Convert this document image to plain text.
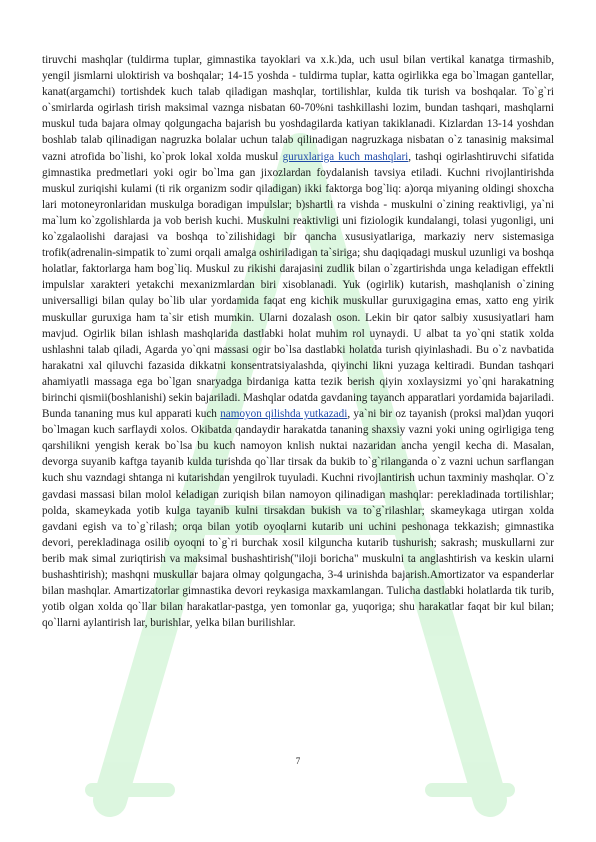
tiruvchi mashqlar (tuldirma tuplar, gimnastika tayoklari va x.k.)da, uch usul bilan vertikal kanatga tirmashib, yengil jismlarni uloktirish va boshqalar; 14-15 yoshda - tuldirma tuplar, katta ogirlikka ega bo`lmagan gantellar, kanat(argamchi) tortishdek kuch talab qiladigan mashqlar, tortilishlar, kulda tik turish va boshqalar. To`g`ri o`smirlarda ogirlash tirish maksimal vaznga nisbatan 60-70%ni tashkillashi lozim, bundan tashqari, mashqlarni muskul tuda bajara olmay qolgungacha bajarish bu yoshdagilarda katiyan takiklanadi. Kizlardan 13-14 yoshdan boshlab talab qilinadigan nagruzka bolalar uchun talab qilinadigan nagruzkaga nisbatan o`z tanasinig maksimal vazni atrofida bo`lishi, ko`prok lokal xolda muskul guruxlariga kuch mashqlari, tashqi ogirlashtiruvchi sifatida gimnastika predmetlari yoki ogir bo`lma gan jixozlardan foydalanish tavsiya etiladi. Kuchni rivojlantirishda muskul zuriqishi kulami (ti rik organizm sodir qiladigan) ikki faktorga bog`liq: a)orqa miyaning oldingi shoxcha lari motoneyronlaridan muskulga boradigan impulslar; b)shartli ra vishda - muskulni o`zining reaktivligi, ya`ni ma`lum ko`zgolishlarda ja vob berish kuchi. Muskulni reaktivligi uni fiziologik kundalangi, tolasi yugonligi, uni ko`zgalaolishi darajasi va boshqa to`zilishidagi bir qancha xususiyatlariga, markaziy nerv sistemasiga trofik(adrenalin-simpatik to`zumi orqali amalga oshiriladigan ta`siriga; shu daqiqadagi muskul uzunligi va boshqa holatlar, faktorlarga ham bog`liq. Muskul zu rikishi darajasini zudlik bilan o`zgartirishda unga keladigan effektli impulslar xarakteri yetakchi mexanizmlardan biri xisoblanadi. Yuk (ogirlik) kutarish, mashqlanish o`zining universalligi bilan qulay bo`lib ular yordamida faqat eng kichik muskullar guruxigagina emas, xatto eng yirik muskullar guruxiga ham ta`sir etish mumkin. Ularni dozalash oson. Lekin bir qator salbiy xususiyatlari ham mavjud. Ogirlik bilan ishlash mashqlarida dastlabki holat muhim rol uynaydi. U albat ta yo`qni statik xolda ushlashni talab qiladi, Agarda yo`qni massasi ogir bo`lsa dastlabki holatda turish qiyinlashadi. Bu o`z navbatida harakatni xal qiluvchi fazasida dikkatni konsentratsiyalashda, qiyinchi likni yuzaga keltiradi. Bundan tashqari ahamiyatli massaga ega bo`lgan snaryadga birdaniga katta tezik berish qiyin xoxlaysizmi yo`qni harakatning birinchi qismii(boshlanishi) sekin bajariladi. Mashqlar odatda gavdaning tayanch apparatlari yordamida bajariladi. Bunda tananing mus kul apparati kuch namoyon qilishda yutkazadi, ya`ni bir oz tayanish (proksi mal)dan yuqori bo`lmagan kuch sarflaydi xolos. Okibatda qandaydir harakatda tananing shaxsiy vazni yoki uning ogirligiga teng qarshilikni yengish kerak bo`lsa bu kuch namoyon knlish nuktai nazaridan ancha yengil kecha di. Masalan, devorga suyanib kaftga tayanib kulda turishda qo`llar tirsak da bukib to`g`rilanganda o`z vazni uchun sarflangan kuch shu vazndagi shtanga ni kutarishdan yengilrok tuyuladi. Kuchni rivojlantirish uchun taxminiy mashqlar. O`z gavdasi massasi bilan molol keladigan zuriqish bilan namoyon qilinadigan mashqlar: perekladinada tortilishlar; polda, skameykada yotib kulga tayanib kulni tirsakdan bukish va to`g`rilashlar; skameykaga utirgan xolda gavdani egish va to`g`rilash; orqa bilan yotib oyoqlarni kutarib uni uchini peshonaga tekkazish; gimnastika devori, perekladinaga osilib oyoqni to`g`ri burchak xosil kilguncha kutarib tushurish; sakrash; muskullarni zur berib mak simal zuriqtirish va maksimal bushashtirish("iloji boricha" muskulni ta anglashtirish va keskin ularni bushashtirish); mashqni muskullar bajara olmay qolgungacha, 3-4 urinishda bajarish.Amortizator va espanderlar bilan mashqlar. Amartizatorlar gimnastika devori reykasiga maxkamlangan. Tulicha dastlabki holatlarda tik turib, yotib olgan xolda qo`llar bilan harakatlar-pastga, yen tomonlar ga, yuqoriga; shu harakatlar faqat bir kul bilan; qo`llarni aylantirish lar, burishlar, yelka bilan burilishlar.

7
